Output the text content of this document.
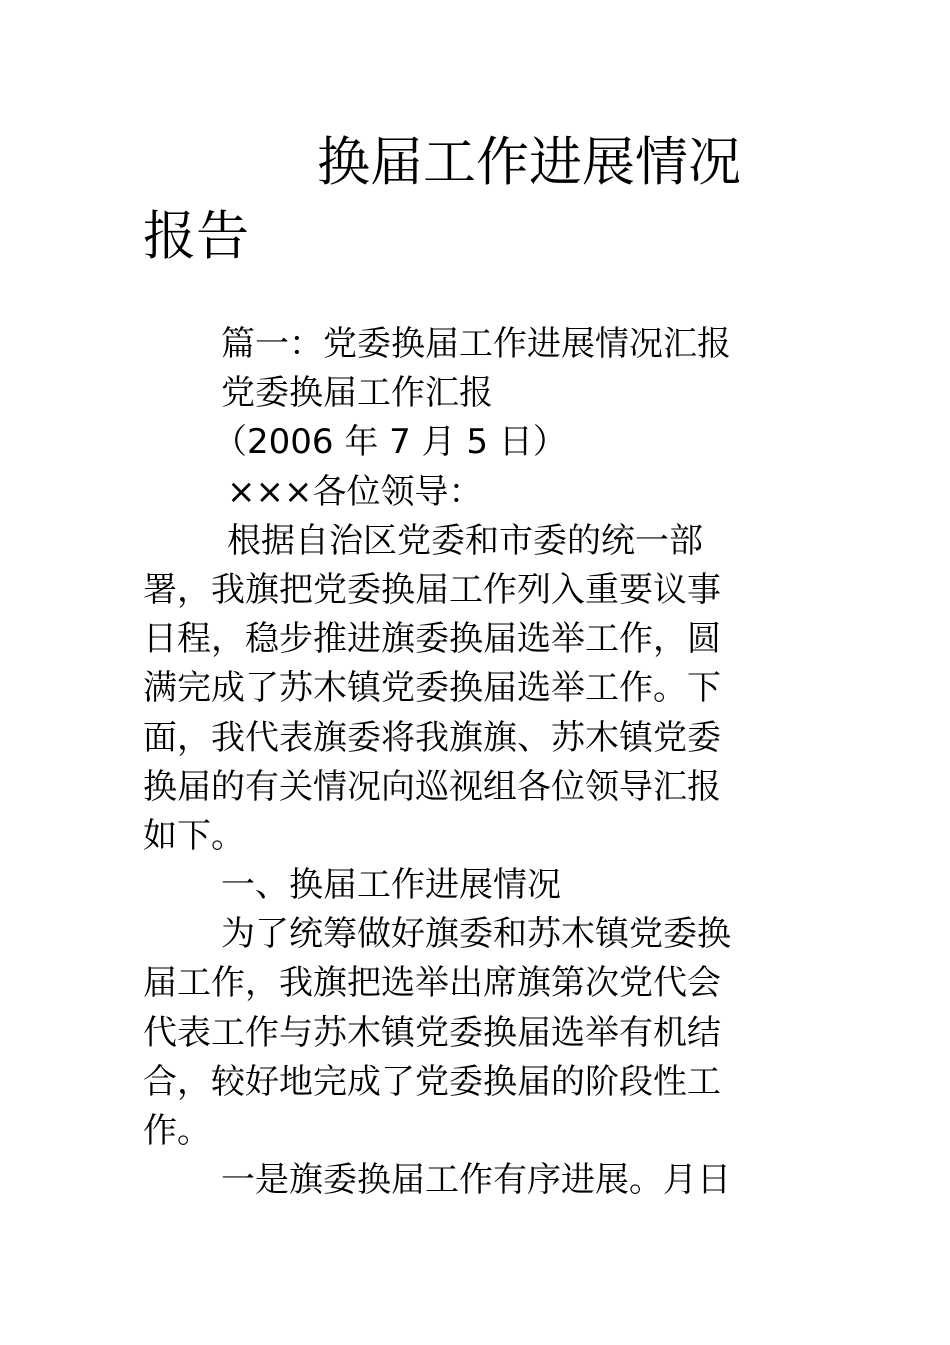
换届工作进展情况
报告
篇一：党委换届工作进展情况汇报
党委换届工作汇报
（2006 年 7 月 5 日）
×××各位领导：
根据自治区党委和市委的统一部
署，我旗把党委换届工作列入重要议事
日程，稳步推进旗委换届选举工作，圆
满完成了苏木镇党委换届选举工作。下
面，我代表旗委将我旗旗、苏木镇党委
换届的有关情况向巡视组各位领导汇报
如下。
一、换届工作进展情况
为了统筹做好旗委和苏木镇党委换
届工作，我旗把选举出席旗第次党代会
代表工作与苏木镇党委换届选举有机结
合，较好地完成了党委换届的阶段性工
作。
一是旗委换届工作有序进展。月日
